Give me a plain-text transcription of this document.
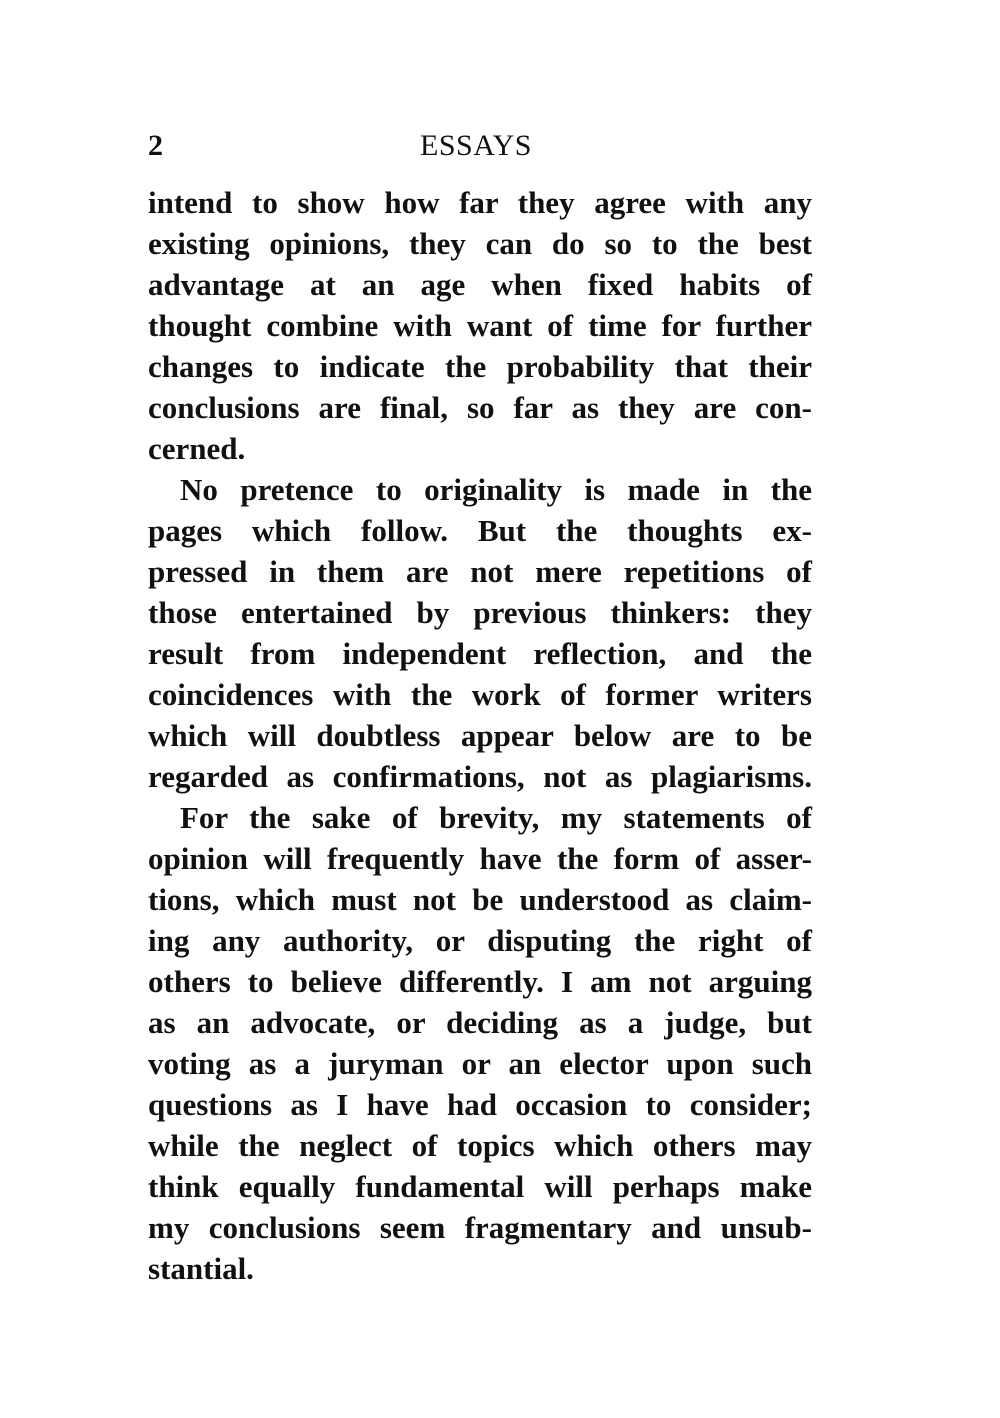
2	ESSAYS
intend to show how far they agree with any
existing opinions, they can do so to the best
advantage at an age when fixed habits of
thought combine with want of time for further
changes to indicate the probability that their
conclusions are final, so far as they are con-
cerned.
No pretence to originality is made in the
pages which follow. But the thoughts ex-
pressed in them are not mere repetitions of
those entertained by previous thinkers: they
result from independent reflection, and the
coincidences with the work of former writers
which will doubtless appear below are to be
regarded as confirmations, not as plagiarisms.
For the sake of brevity, my statements of
opinion will frequently have the form of asser-
tions, which must not be understood as claim-
ing any authority, or disputing the right of
others to believe differently. I am not arguing
as an advocate, or deciding as a judge, but
voting as a juryman or an elector upon such
questions as I have had occasion to consider;
while the neglect of topics which others may
think equally fundamental will perhaps make
my conclusions seem fragmentary and unsub-
stantial.
